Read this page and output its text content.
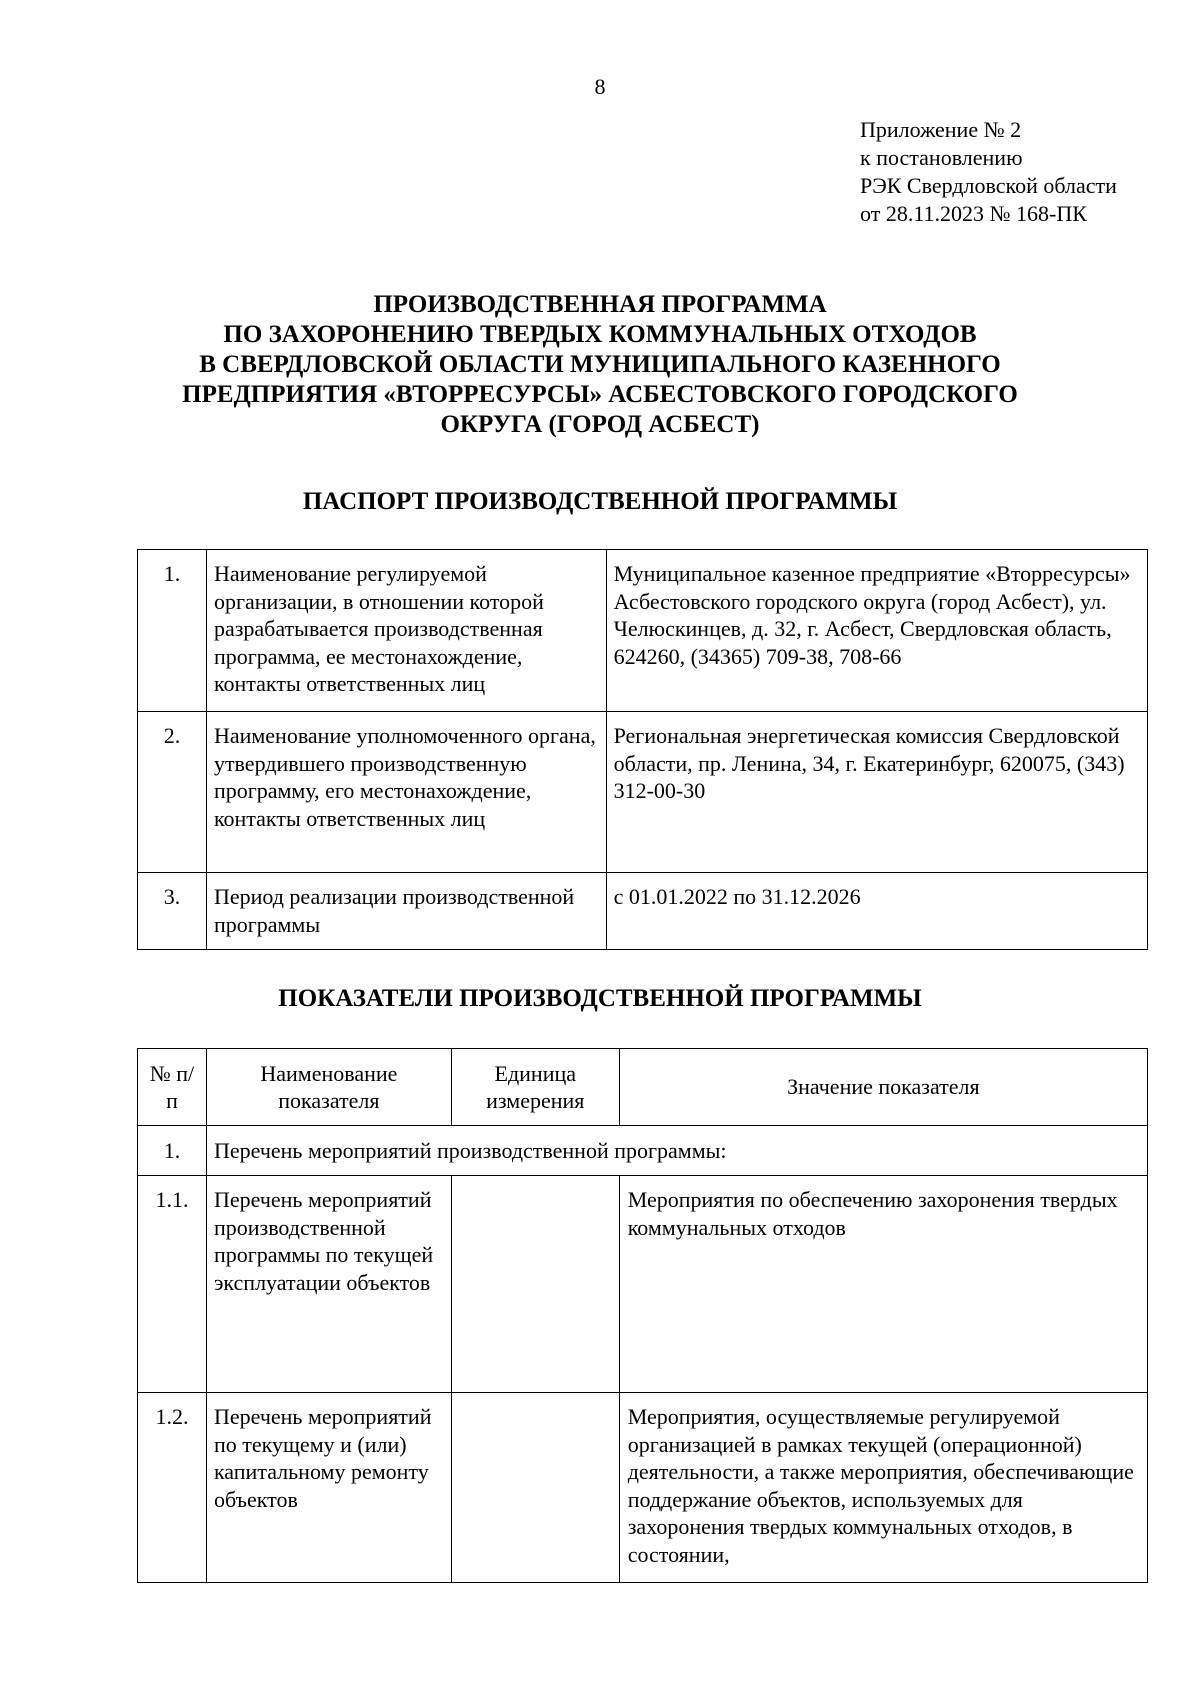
8
Приложение № 2
к постановлению
РЭК Свердловской области
от 28.11.2023 № 168-ПК
ПРОИЗВОДСТВЕННАЯ ПРОГРАММА
ПО ЗАХОРОНЕНИЮ ТВЕРДЫХ КОММУНАЛЬНЫХ ОТХОДОВ
В СВЕРДЛОВСКОЙ ОБЛАСТИ МУНИЦИПАЛЬНОГО КАЗЕННОГО
ПРЕДПРИЯТИЯ «ВТОРРЕСУРСЫ» АСБЕСТОВСКОГО ГОРОДСКОГО
ОКРУГА (ГОРОД АСБЕСТ)
ПАСПОРТ ПРОИЗВОДСТВЕННОЙ ПРОГРАММЫ
1.	Наименование регулируемой организации, в отношении которой разрабатывается производственная программа, ее местонахождение, контакты ответственных лиц	Муниципальное казенное предприятие «Вторресурсы» Асбестовского городского округа (город Асбест), ул. Челюскинцев, д. 32, г. Асбест, Свердловская область, 624260, (34365) 709-38, 708-66
2.	Наименование уполномоченного органа, утвердившего производственную программу, его местонахождение, контакты ответственных лиц	Региональная энергетическая комиссия Свердловской области, пр. Ленина, 34, г. Екатеринбург, 620075, (343) 312-00-30
3.	Период реализации производственной программы	с 01.01.2022 по 31.12.2026
ПОКАЗАТЕЛИ ПРОИЗВОДСТВЕННОЙ ПРОГРАММЫ
№ п/п	Наименование показателя	Единица измерения	Значение показателя
1.	Перечень мероприятий производственной программы:		
1.1.	Перечень мероприятий производственной программы по текущей эксплуатации объектов		Мероприятия по обеспечению захоронения твердых коммунальных отходов
1.2.	Перечень мероприятий по текущему и (или) капитальному ремонту объектов		Мероприятия, осуществляемые регулируемой организацией в рамках текущей (операционной) деятельности, а также мероприятия, обеспечивающие поддержание объектов, используемых для захоронения твердых коммунальных отходов, в состоянии,
